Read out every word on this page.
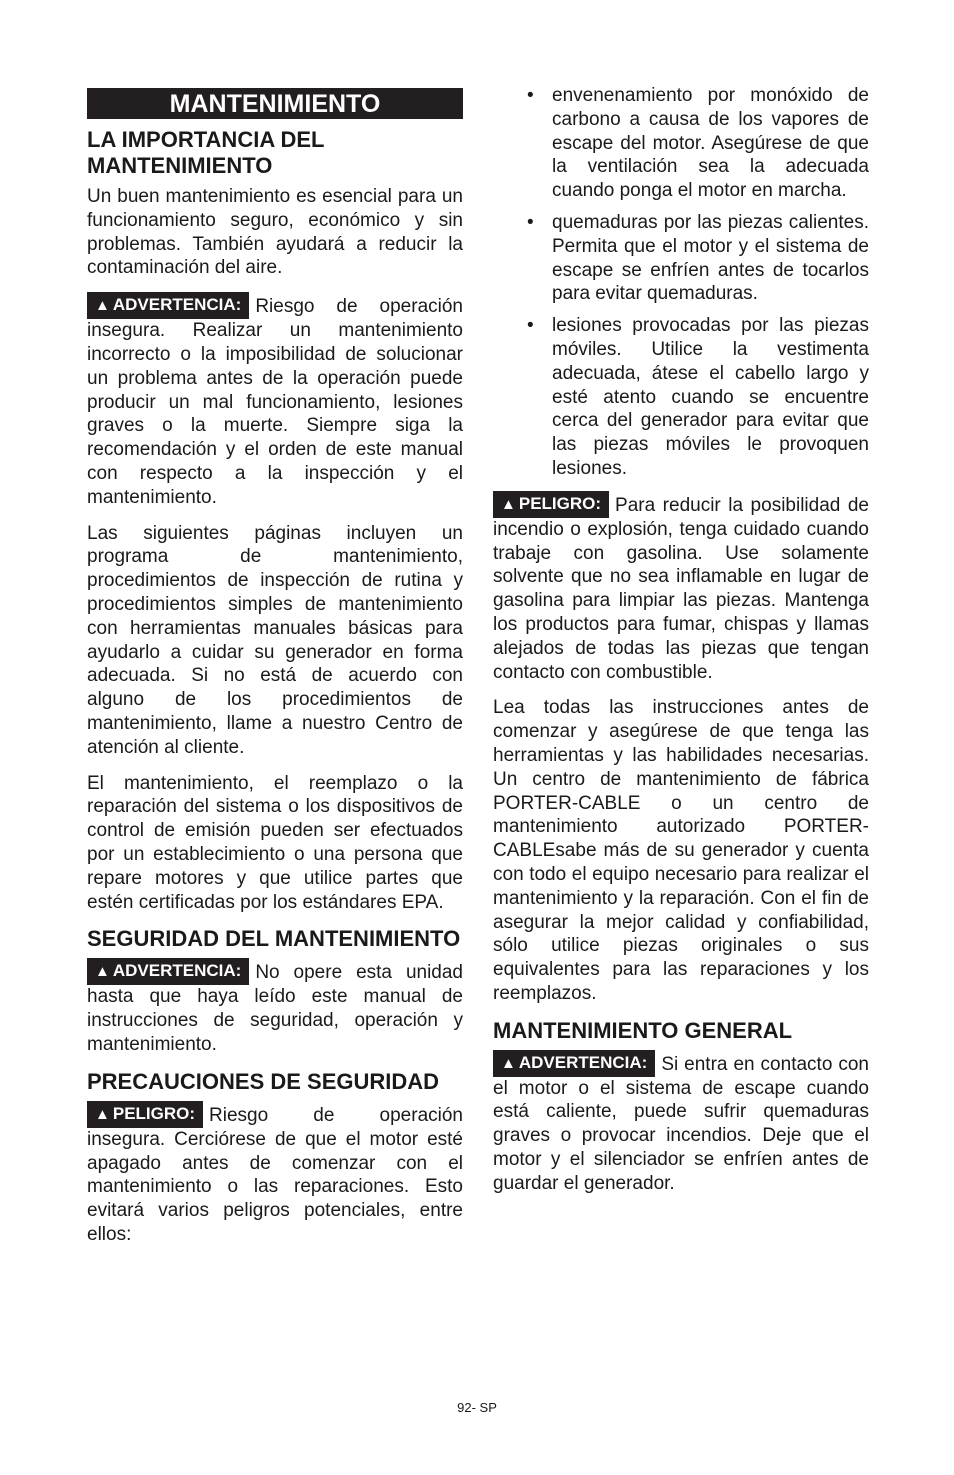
MANTENIMIENTO
LA IMPORTANCIA DEL MANTENIMIENTO

Un buen mantenimiento es esencial para un funcionamiento seguro, económico y sin problemas. También ayudará a reducir la contaminación del aire.

▲ ADVERTENCIA: Riesgo de operación insegura. Realizar un mantenimiento incorrecto o la imposibilidad de solucionar un problema antes de la operación puede producir un mal funcionamiento, lesiones graves o la muerte. Siempre siga la recomendación y el orden de este manual con respecto a la inspección y el mantenimiento.

Las siguientes páginas incluyen un programa de mantenimiento, procedimientos de inspección de rutina y procedimientos simples de mantenimiento con herramientas manuales básicas para ayudarlo a cuidar su generador en forma adecuada. Si no está de acuerdo con alguno de los procedimientos de mantenimiento, llame a nuestro Centro de atención al cliente.

El mantenimiento, el reemplazo o la reparación del sistema o los dispositivos de control de emisión pueden ser efectuados por un establecimiento o una persona que repare motores y que utilice partes que estén certificadas por los estándares EPA.

SEGURIDAD DEL MANTENIMIENTO

▲ ADVERTENCIA: No opere esta unidad hasta que haya leído este manual de instrucciones de seguridad, operación y mantenimiento.

PRECAUCIONES DE SEGURIDAD

▲ PELIGRO: Riesgo de operación insegura. Cerciórese de que el motor esté apagado antes de comenzar con el mantenimiento o las reparaciones. Esto evitará varios peligros potenciales, entre ellos:

• envenenamiento por monóxido de carbono a causa de los vapores de escape del motor. Asegúrese de que la ventilación sea la adecuada cuando ponga el motor en marcha.
• quemaduras por las piezas calientes. Permita que el motor y el sistema de escape se enfríen antes de tocarlos para evitar quemaduras.
• lesiones provocadas por las piezas móviles. Utilice la vestimenta adecuada, átese el cabello largo y esté atento cuando se encuentre cerca del generador para evitar que las piezas móviles le provoquen lesiones.

▲ PELIGRO: Para reducir la posibilidad de incendio o explosión, tenga cuidado cuando trabaje con gasolina. Use solamente solvente que no sea inflamable en lugar de gasolina para limpiar las piezas. Mantenga los productos para fumar, chispas y llamas alejados de todas las piezas que tengan contacto con combustible.

Lea todas las instrucciones antes de comenzar y asegúrese de que tenga las herramientas y las habilidades necesarias. Un centro de mantenimiento de fábrica PORTER-CABLE o un centro de mantenimiento autorizado PORTER-CABLEsabe más de su generador y cuenta con todo el equipo necesario para realizar el mantenimiento y la reparación. Con el fin de asegurar la mejor calidad y confiabilidad, sólo utilice piezas originales o sus equivalentes para las reparaciones y los reemplazos.

MANTENIMIENTO GENERAL

▲ ADVERTENCIA: Si entra en contacto con el motor o el sistema de escape cuando está caliente, puede sufrir quemaduras graves o provocar incendios. Deje que el motor y el silenciador se enfríen antes de guardar el generador.

92- SP
